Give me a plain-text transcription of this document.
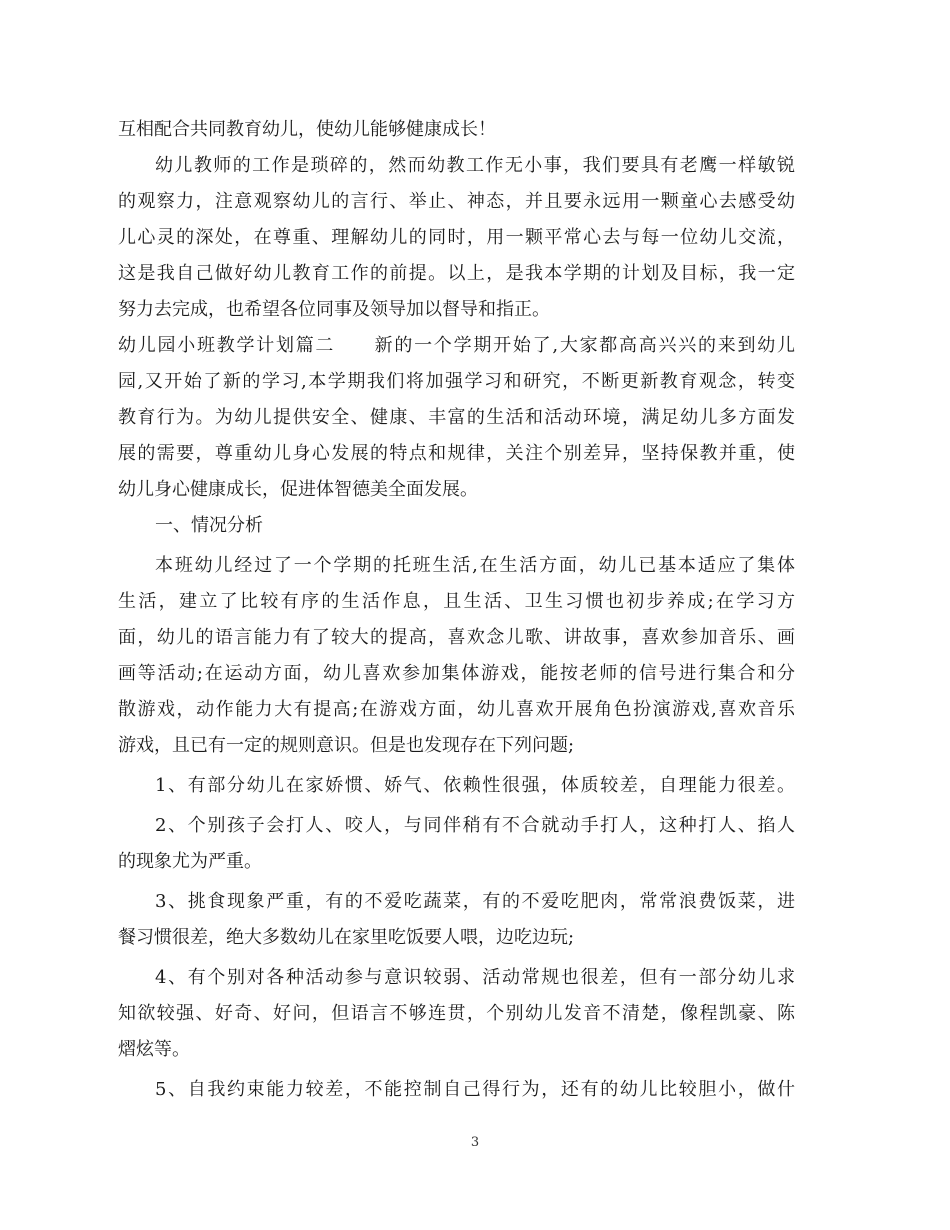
互相配合共同教育幼儿，使幼儿能够健康成长！
幼儿教师的工作是琐碎的，然而幼教工作无小事，我们要具有老鹰一样敏锐
的观察力，注意观察幼儿的言行、举止、神态，并且要永远用一颗童心去感受幼
儿心灵的深处，在尊重、理解幼儿的同时，用一颗平常心去与每一位幼儿交流，
这是我自己做好幼儿教育工作的前提。以上，是我本学期的计划及目标，我一定
努力去完成，也希望各位同事及领导加以督导和指正。
幼儿园小班教学计划篇二　　新的一个学期开始了,大家都高高兴兴的来到幼儿
园,又开始了新的学习,本学期我们将加强学习和研究，不断更新教育观念，转变
教育行为。为幼儿提供安全、健康、丰富的生活和活动环境，满足幼儿多方面发
展的需要，尊重幼儿身心发展的特点和规律，关注个别差异，坚持保教并重，使
幼儿身心健康成长，促进体智德美全面发展。
一、情况分析
本班幼儿经过了一个学期的托班生活,在生活方面，幼儿已基本适应了集体
生活，建立了比较有序的生活作息，且生活、卫生习惯也初步养成;在学习方
面，幼儿的语言能力有了较大的提高，喜欢念儿歌、讲故事，喜欢参加音乐、画
画等活动;在运动方面，幼儿喜欢参加集体游戏，能按老师的信号进行集合和分
散游戏，动作能力大有提高;在游戏方面，幼儿喜欢开展角色扮演游戏,喜欢音乐
游戏，且已有一定的规则意识。但是也发现存在下列问题;
1、有部分幼儿在家娇惯、娇气、依赖性很强，体质较差，自理能力很差。
2、个别孩子会打人、咬人，与同伴稍有不合就动手打人，这种打人、掐人
的现象尤为严重。
3、挑食现象严重，有的不爱吃蔬菜，有的不爱吃肥肉，常常浪费饭菜，进
餐习惯很差，绝大多数幼儿在家里吃饭要人喂，边吃边玩;
4、有个别对各种活动参与意识较弱、活动常规也很差，但有一部分幼儿求
知欲较强、好奇、好问，但语言不够连贯，个别幼儿发音不清楚，像程凯豪、陈
熠炫等。
5、自我约束能力较差，不能控制自己得行为，还有的幼儿比较胆小，做什
3
